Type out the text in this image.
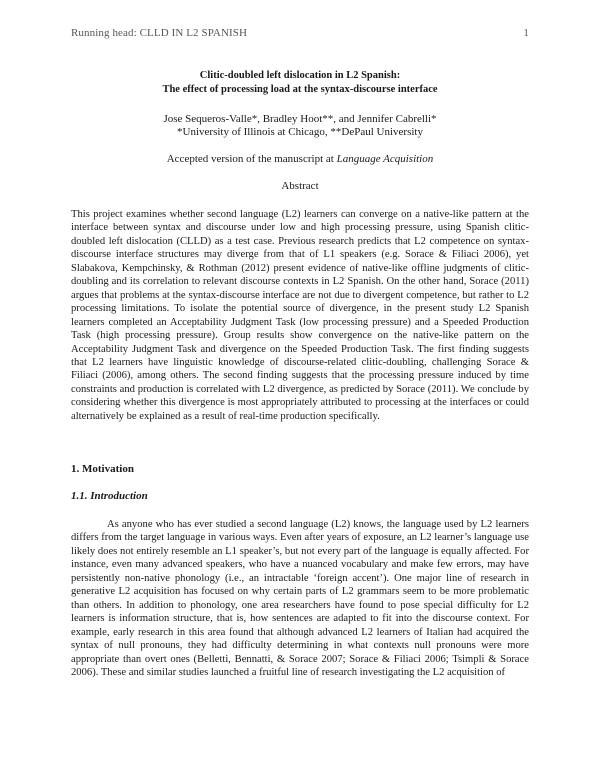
Running head: CLLD IN L2 SPANISH	1
Clitic-doubled left dislocation in L2 Spanish:
The effect of processing load at the syntax-discourse interface
Jose Sequeros-Valle*, Bradley Hoot**, and Jennifer Cabrelli*
*University of Illinois at Chicago, **DePaul University
Accepted version of the manuscript at Language Acquisition
Abstract

This project examines whether second language (L2) learners can converge on a native-like pattern at the interface between syntax and discourse under low and high processing pressure, using Spanish clitic-doubled left dislocation (CLLD) as a test case. Previous research predicts that L2 competence on syntax-discourse interface structures may diverge from that of L1 speakers (e.g. Sorace & Filiaci 2006), yet Slabakova, Kempchinsky, & Rothman (2012) present evidence of native-like offline judgments of clitic-doubling and its correlation to relevant discourse contexts in L2 Spanish. On the other hand, Sorace (2011) argues that problems at the syntax-discourse interface are not due to divergent competence, but rather to L2 processing limitations. To isolate the potential source of divergence, in the present study L2 Spanish learners completed an Acceptability Judgment Task (low processing pressure) and a Speeded Production Task (high processing pressure). Group results show convergence on the native-like pattern on the Acceptability Judgment Task and divergence on the Speeded Production Task. The first finding suggests that L2 learners have linguistic knowledge of discourse-related clitic-doubling, challenging Sorace & Filiaci (2006), among others. The second finding suggests that the processing pressure induced by time constraints and production is correlated with L2 divergence, as predicted by Sorace (2011). We conclude by considering whether this divergence is most appropriately attributed to processing at the interfaces or could alternatively be explained as a result of real-time production specifically.

1. Motivation
1.1. Introduction

As anyone who has ever studied a second language (L2) knows, the language used by L2 learners differs from the target language in various ways. Even after years of exposure, an L2 learner’s language use likely does not entirely resemble an L1 speaker’s, but not every part of the language is equally affected. For instance, even many advanced speakers, who have a nuanced vocabulary and make few errors, may have persistently non-native phonology (i.e., an intractable ‘foreign accent’). One major line of research in generative L2 acquisition has focused on why certain parts of L2 grammars seem to be more problematic than others. In addition to phonology, one area researchers have found to pose special difficulty for L2 learners is information structure, that is, how sentences are adapted to fit into the discourse context. For example, early research in this area found that although advanced L2 learners of Italian had acquired the syntax of null pronouns, they had difficulty determining in what contexts null pronouns were more appropriate than overt ones (Belletti, Bennatti, & Sorace 2007; Sorace & Filiaci 2006; Tsimpli & Sorace 2006). These and similar studies launched a fruitful line of research investigating the L2 acquisition of
